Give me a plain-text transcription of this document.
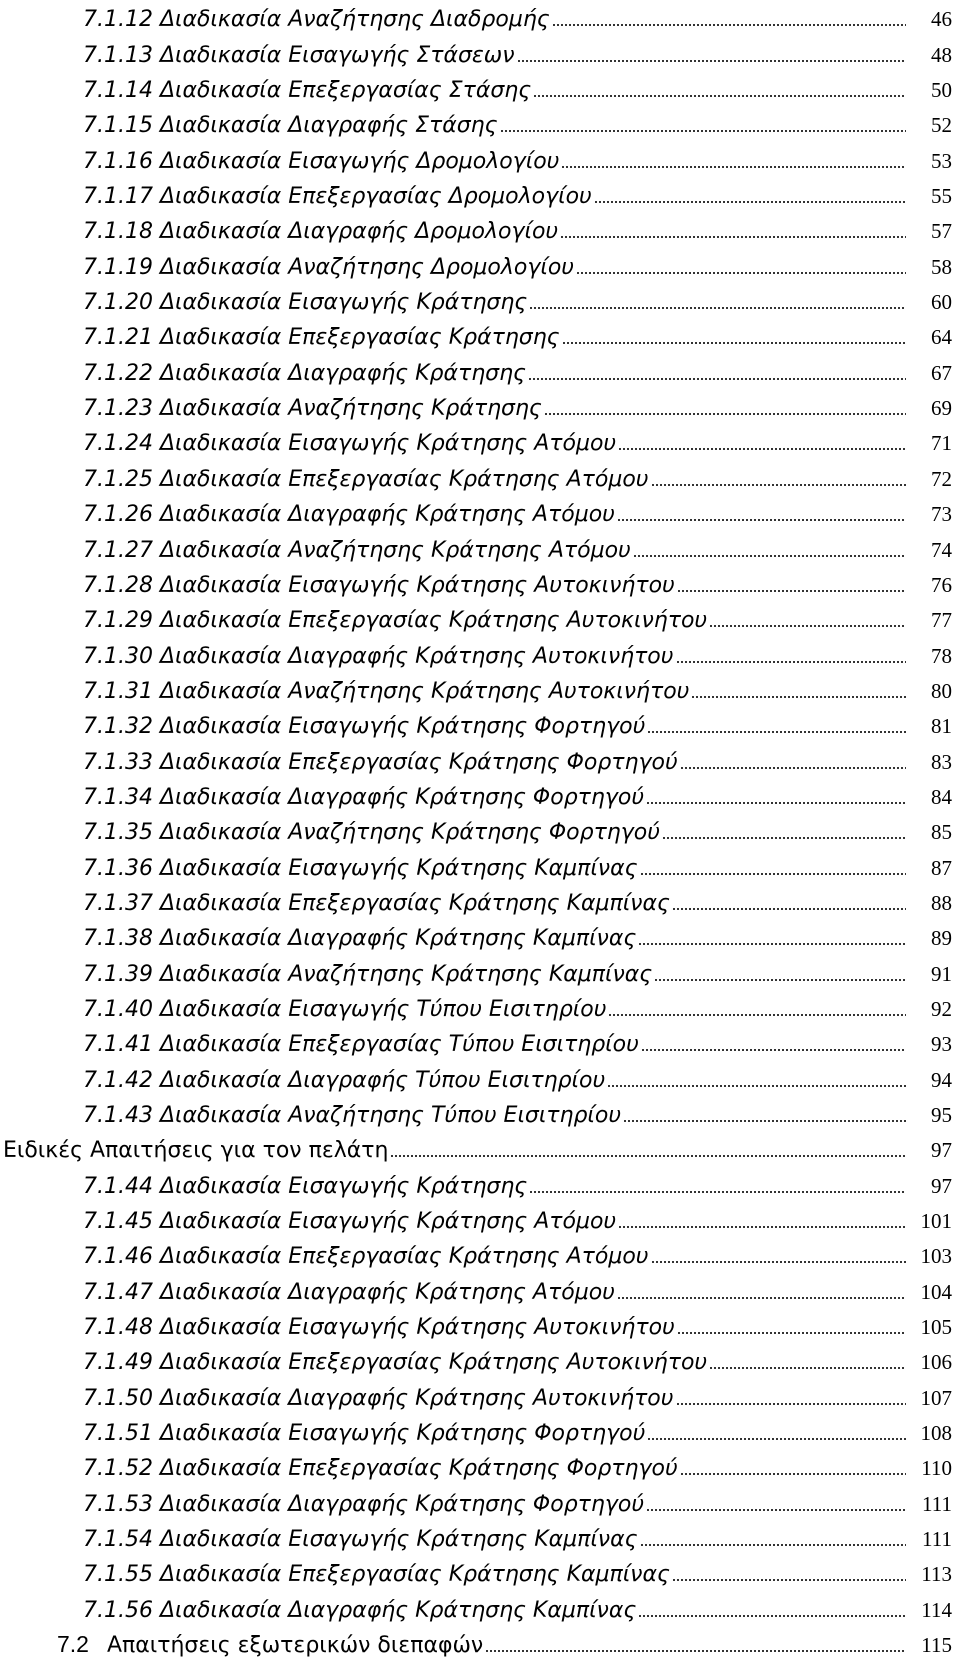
7.1.12 Διαδικασία Αναζήτησης Διαδρομής	46
7.1.13 Διαδικασία Εισαγωγής Στάσεων	48
7.1.14 Διαδικασία Επεξεργασίας Στάσης	50
7.1.15 Διαδικασία Διαγραφής Στάσης	52
7.1.16 Διαδικασία Εισαγωγής Δρομολογίου	53
7.1.17 Διαδικασία Επεξεργασίας Δρομολογίου	55
7.1.18 Διαδικασία Διαγραφής Δρομολογίου	57
7.1.19 Διαδικασία Αναζήτησης Δρομολογίου	58
7.1.20 Διαδικασία Εισαγωγής Κράτησης	60
7.1.21 Διαδικασία Επεξεργασίας Κράτησης	64
7.1.22 Διαδικασία Διαγραφής Κράτησης	67
7.1.23 Διαδικασία Αναζήτησης Κράτησης	69
7.1.24 Διαδικασία Εισαγωγής Κράτησης Ατόμου	71
7.1.25 Διαδικασία Επεξεργασίας Κράτησης Ατόμου	72
7.1.26 Διαδικασία Διαγραφής Κράτησης Ατόμου	73
7.1.27 Διαδικασία Αναζήτησης Κράτησης Ατόμου	74
7.1.28 Διαδικασία Εισαγωγής Κράτησης Αυτοκινήτου	76
7.1.29 Διαδικασία Επεξεργασίας Κράτησης Αυτοκινήτου	77
7.1.30 Διαδικασία Διαγραφής Κράτησης Αυτοκινήτου	78
7.1.31 Διαδικασία Αναζήτησης Κράτησης Αυτοκινήτου	80
7.1.32 Διαδικασία Εισαγωγής Κράτησης Φορτηγού	81
7.1.33 Διαδικασία Επεξεργασίας Κράτησης Φορτηγού	83
7.1.34 Διαδικασία Διαγραφής Κράτησης Φορτηγού	84
7.1.35 Διαδικασία Αναζήτησης Κράτησης Φορτηγού	85
7.1.36 Διαδικασία Εισαγωγής Κράτησης Καμπίνας	87
7.1.37 Διαδικασία Επεξεργασίας Κράτησης Καμπίνας	88
7.1.38 Διαδικασία Διαγραφής Κράτησης Καμπίνας	89
7.1.39 Διαδικασία Αναζήτησης Κράτησης Καμπίνας	91
7.1.40 Διαδικασία Εισαγωγής Τύπου Εισιτηρίου	92
7.1.41 Διαδικασία Επεξεργασίας Τύπου Εισιτηρίου	93
7.1.42 Διαδικασία Διαγραφής Τύπου Εισιτηρίου	94
7.1.43 Διαδικασία Αναζήτησης Τύπου Εισιτηρίου	95
Ειδικές Απαιτήσεις για τον πελάτη	97
7.1.44 Διαδικασία Εισαγωγής Κράτησης	97
7.1.45 Διαδικασία Εισαγωγής Κράτησης Ατόμου	101
7.1.46 Διαδικασία Επεξεργασίας Κράτησης Ατόμου	103
7.1.47 Διαδικασία Διαγραφής Κράτησης Ατόμου	104
7.1.48 Διαδικασία Εισαγωγής Κράτησης Αυτοκινήτου	105
7.1.49 Διαδικασία Επεξεργασίας Κράτησης Αυτοκινήτου	106
7.1.50 Διαδικασία Διαγραφής Κράτησης Αυτοκινήτου	107
7.1.51 Διαδικασία Εισαγωγής Κράτησης Φορτηγού	108
7.1.52 Διαδικασία Επεξεργασίας Κράτησης Φορτηγού	110
7.1.53 Διαδικασία Διαγραφής Κράτησης Φορτηγού	111
7.1.54 Διαδικασία Εισαγωγής Κράτησης Καμπίνας	111
7.1.55 Διαδικασία Επεξεργασίας Κράτησης Καμπίνας	113
7.1.56 Διαδικασία Διαγραφής Κράτησης Καμπίνας	114
7.2 Απαιτήσεις εξωτερικών διεπαφών	115
